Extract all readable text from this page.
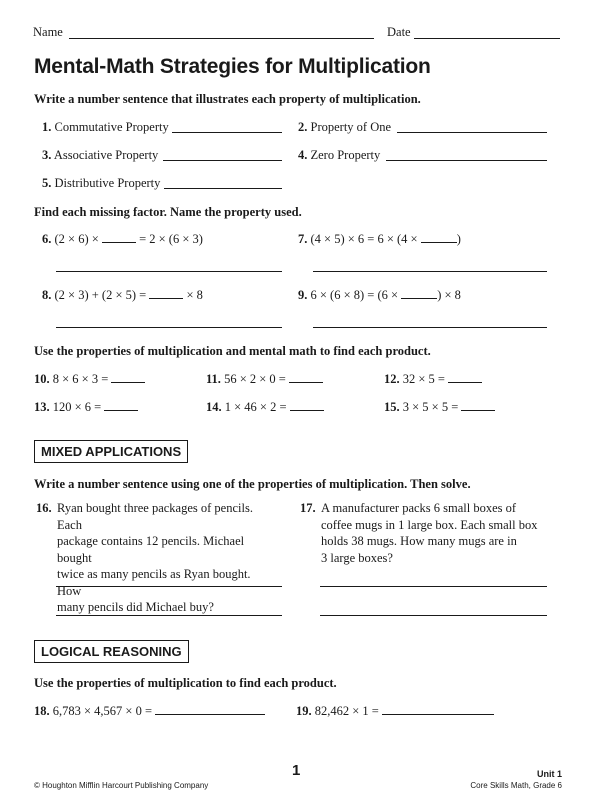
Name	Date
Mental-Math Strategies for Multiplication
Write a number sentence that illustrates each property of multiplication.
1. Commutative Property	2. Property of One
3. Associative Property	4. Zero Property
5. Distributive Property
Find each missing factor. Name the property used.
6. (2 × 6) ×	= 2 × (6 × 3)	7. (4 × 5) × 6 = 6 × (4 ×	)
8. (2 × 3) + (2 × 5) =	× 8	9. 6 × (6 × 8) = (6 ×	) × 8
Use the properties of multiplication and mental math to find each product.
10. 8 × 6 × 3 =	11. 56 × 2 × 0 =	12. 32 × 5 =
13. 120 × 6 =	14. 1 × 46 × 2 =	15. 3 × 5 × 5 =
MIXED APPLICATIONS
Write a number sentence using one of the properties of multiplication. Then solve.
16. Ryan bought three packages of pencils. Each
package contains 12 pencils. Michael bought
twice as many pencils as Ryan bought. How
many pencils did Michael buy?
17. A manufacturer packs 6 small boxes of
coffee mugs in 1 large box. Each small box
holds 38 mugs. How many mugs are in
3 large boxes?
LOGICAL REASONING
Use the properties of multiplication to find each product.
18. 6,783 × 4,567 × 0 =	19. 82,462 × 1 =
© Houghton Mifflin Harcourt Publishing Company
1	Unit 1
Core Skills Math, Grade 6
